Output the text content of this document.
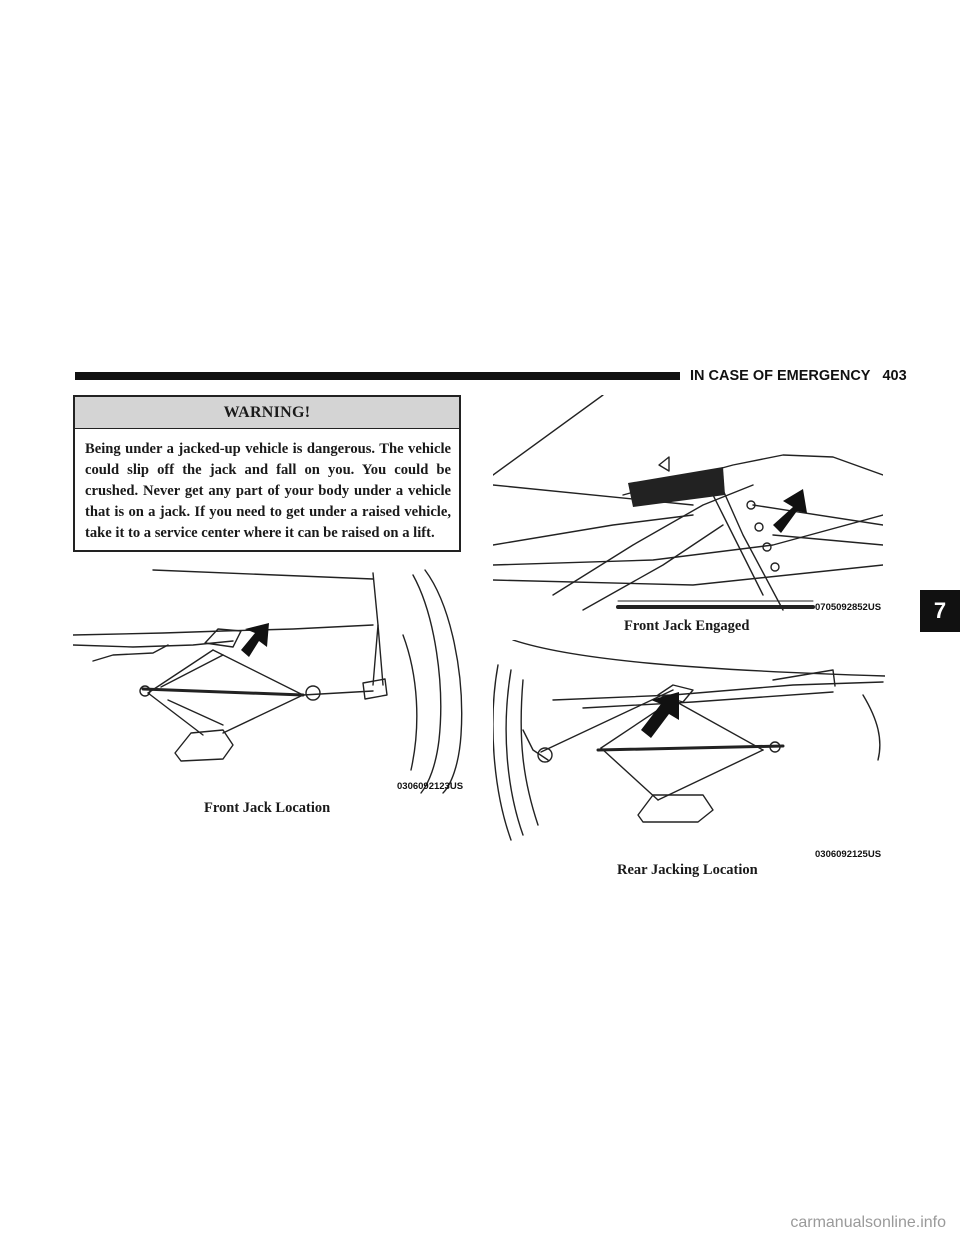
IN CASE OF EMERGENCY 403
WARNING!
Being under a jacked-up vehicle is dangerous. The vehicle could slip off the jack and fall on you. You could be crushed. Never get any part of your body under a vehicle that is on a jack. If you need to get under a raised vehicle, take it to a service center where it can be raised on a lift.
0306092123US
Front Jack Location
0705092852US
Front Jack Engaged
0306092125US
Rear Jacking Location
7
carmanualsonline.info
